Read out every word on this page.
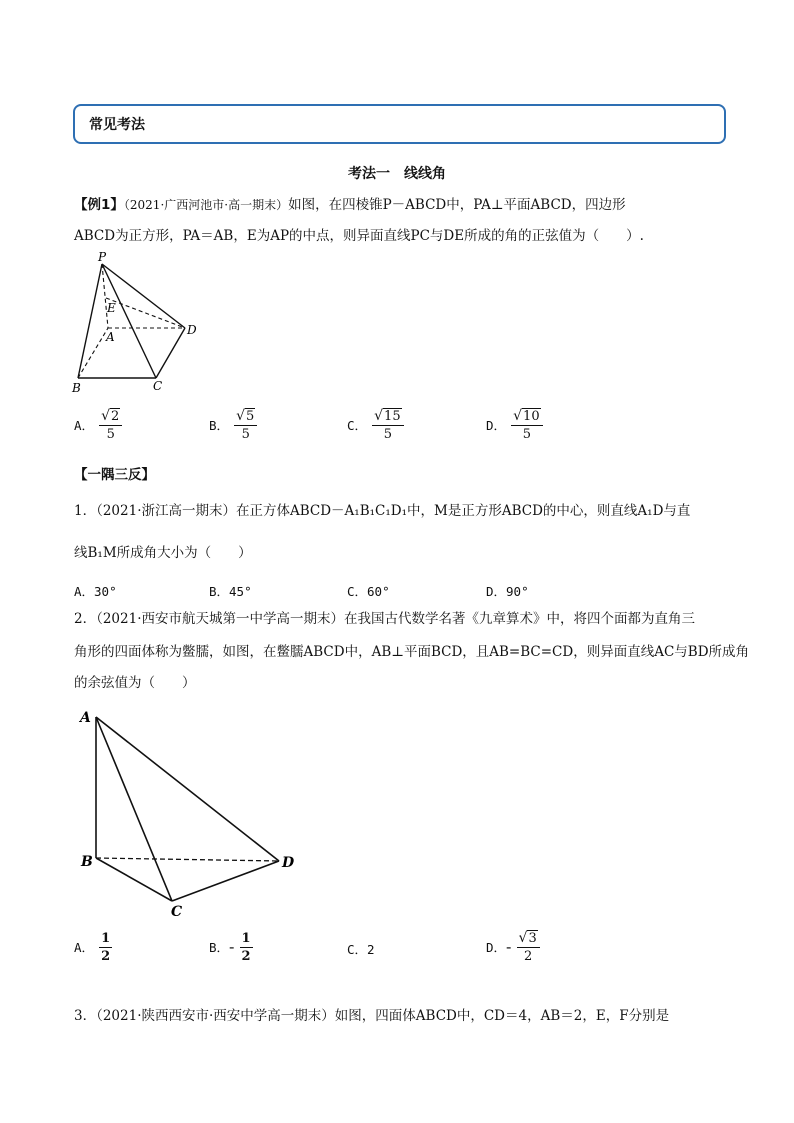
常见考法
考法一　线线角
【例1】（2021·广西河池市·高一期末）如图，在四棱锥P－ABCD中，PA⊥平面ABCD，四边形
ABCD为正方形，PA＝AB，E为AP的中点，则异面直线PC与DE所成的角的正弦值为（　　）.
P
E
A	D
B	C
A． $\frac{√ 2}{5}$	B． $\frac{√ 5}{5}$	C． $\frac{√ 15}{5}$	D． $\frac{√ 10}{5}$
【一隅三反】
1．（2021·浙江高一期末）在正方体ABCD－A₁B₁C₁D₁中，M是正方形ABCD的中心，则直线A₁D与直
线B₁M所成角大小为（　　）
A．30°	B．45°	C．60°	D．90°
2．（2021·西安市航天城第一中学高一期末）在我国古代数学名著《九章算术》中，将四个面都为直角三
角形的四面体称为鳖臑，如图，在鳖臑ABCD中，AB⊥平面BCD，且AB=BC=CD，则异面直线AC与BD所成角
的余弦值为（　　）
A
B
C
D
A． $\frac{1}{2}$	B．- $\frac{1}{2}$	C．2	D．- $\frac{√ 3}{2}$
3．（2021·陕西西安市·西安中学高一期末）如图，四面体ABCD中，CD＝4，AB＝2，E，F分别是
